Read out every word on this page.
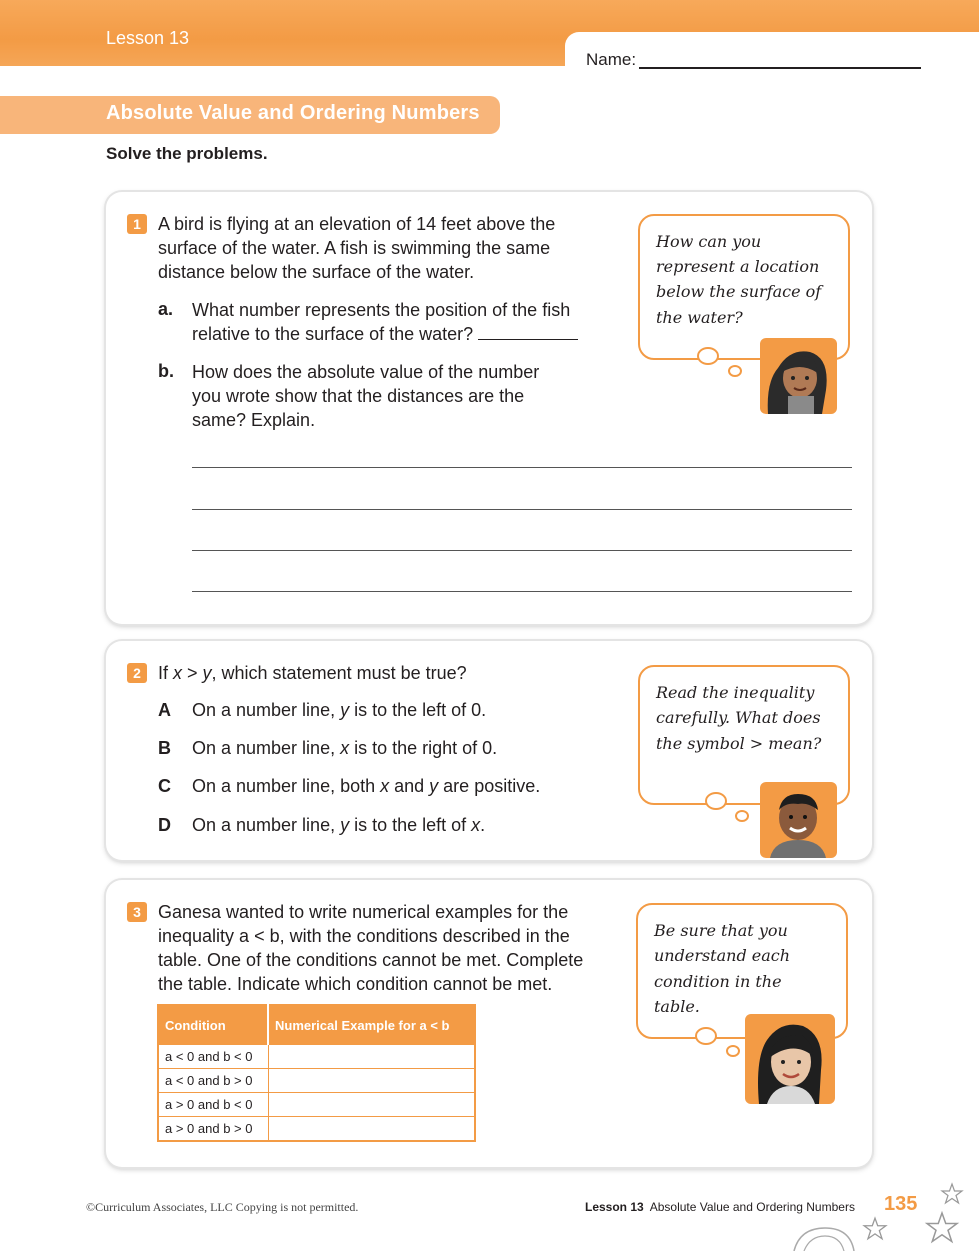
Lesson 13
Name:
Absolute Value and Ordering Numbers
Solve the problems.
1 A bird is flying at an elevation of 14 feet above the
surface of the water. A fish is swimming the same
distance below the surface of the water.
a. What number represents the position of the fish
relative to the surface of the water?
b. How does the absolute value of the number
you wrote show that the distances are the
same? Explain.
How can you
represent a location
below the surface of
the water?
2 If x > y, which statement must be true?
A On a number line, y is to the left of 0.
B On a number line, x is to the right of 0.
C On a number line, both x and y are positive.
D On a number line, y is to the left of x.
Read the inequality
carefully. What does
the symbol > mean?
3 Ganesa wanted to write numerical examples for the
inequality a < b, with the conditions described in the
table. One of the conditions cannot be met. Complete
the table. Indicate which condition cannot be met.
Condition	Numerical Example for a < b
a < 0 and b < 0	
a < 0 and b > 0	
a > 0 and b < 0	
a > 0 and b > 0	
Be sure that you
understand each
condition in the
table.
©Curriculum Associates, LLC Copying is not permitted.	Lesson 13 Absolute Value and Ordering Numbers 135
